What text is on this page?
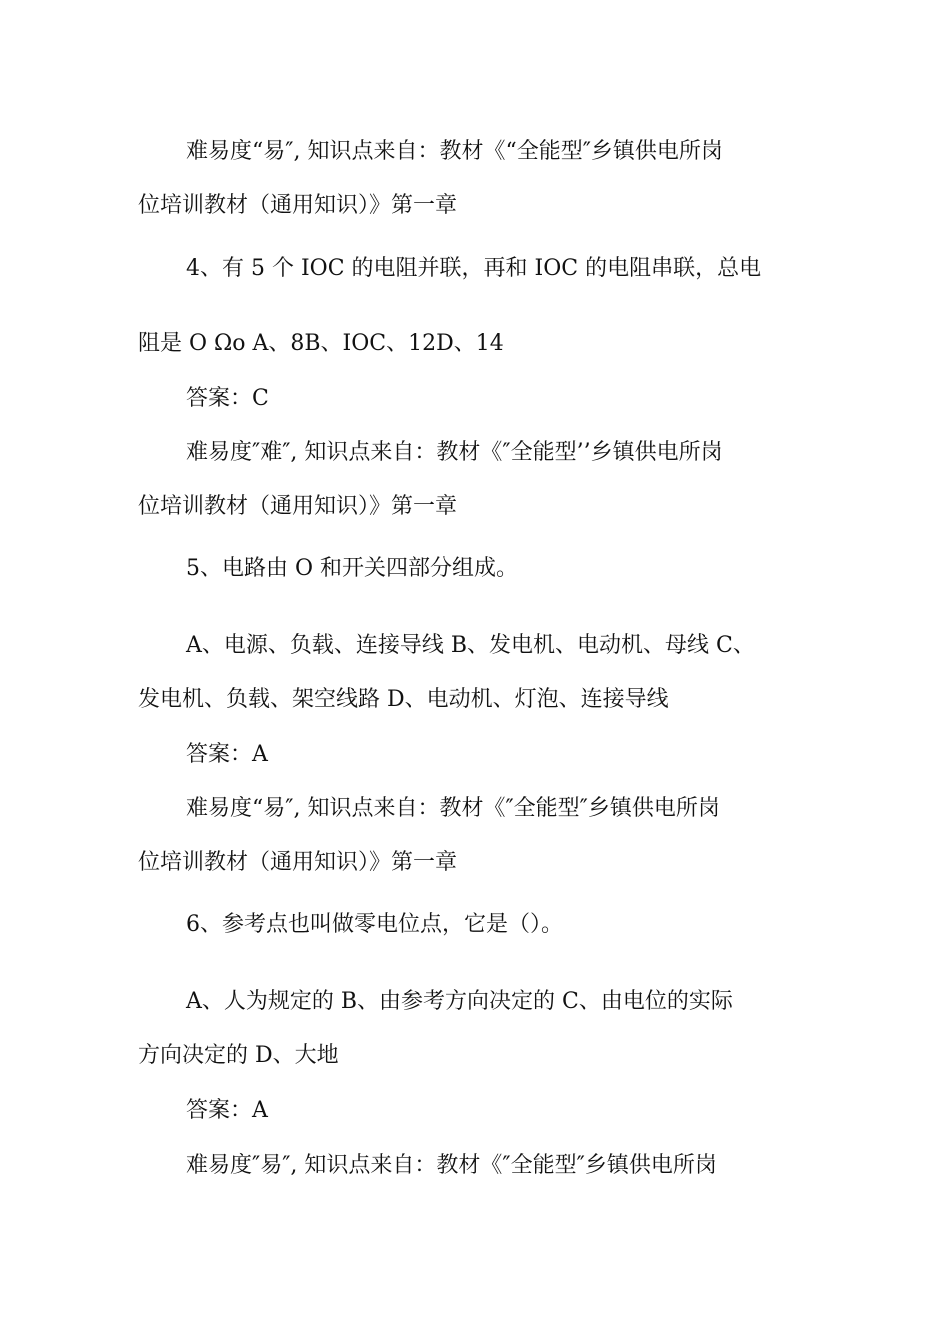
难易度“易″, 知识点来自：教材《“全能型″乡镇供电所岗
位培训教材（通用知识）》第一章
4、有 5 个 IOC 的电阻并联，再和 IOC 的电阻串联，总电
阻是 O Ωo A、8B、IOC、12D、14
答案：C
难易度″难″, 知识点来自：教材《″全能型’’乡镇供电所岗
位培训教材（通用知识）》第一章
5、电路由 O 和开关四部分组成。
A、电源、负载、连接导线 B、发电机、电动机、母线 C、
发电机、负载、架空线路 D、电动机、灯泡、连接导线
答案：A
难易度“易″, 知识点来自：教材《″全能型″乡镇供电所岗
位培训教材（通用知识）》第一章
6、参考点也叫做零电位点，它是（）。
A、人为规定的 B、由参考方向决定的 C、由电位的实际
方向决定的 D、大地
答案：A
难易度″易″, 知识点来自：教材《″全能型″乡镇供电所岗
